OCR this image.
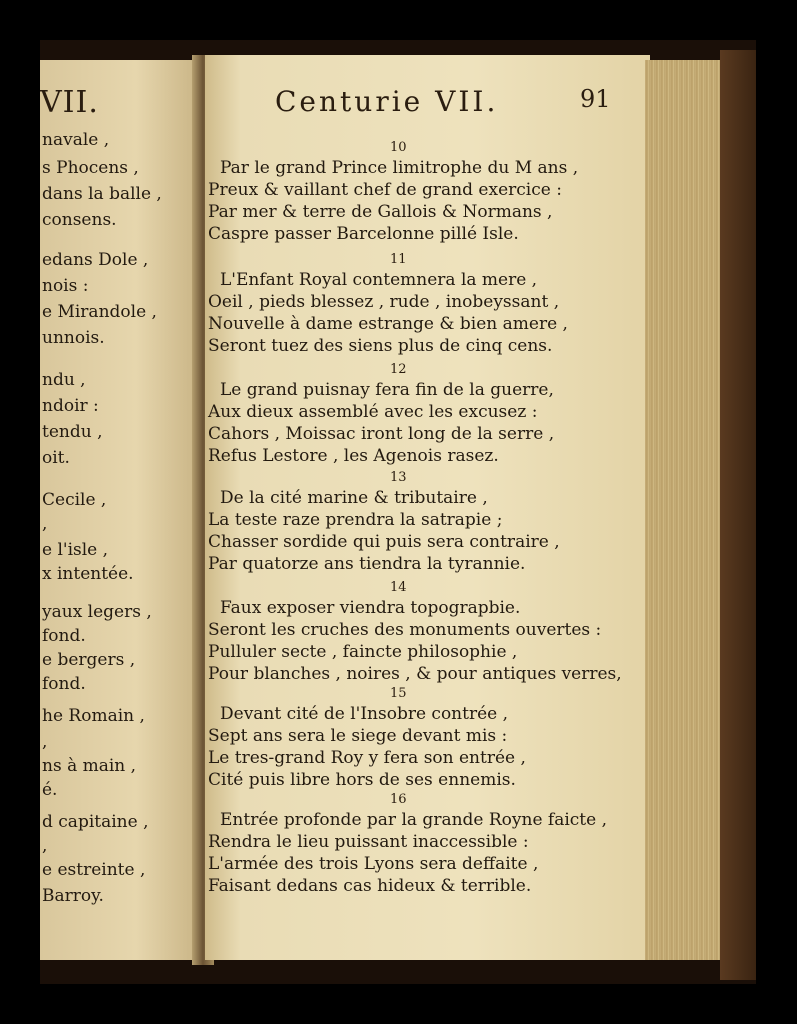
VII.
navale ,
s Phocens ,
dans la balle ,
consens.
edans Dole ,
nois :
e Mirandole ,
unnois.
ndu ,
ndoir :
tendu ,
oit.
Cecile ,
,
e l'isle ,
x intentée.
yaux legers ,
fond.
e bergers ,
fond.
he Romain ,
,
ns à main ,
é.
d capitaine ,
,
e estreinte ,
Barroy.
Centurie VII.	91
10
Par le grand Prince limitrophe du M ans ,
Preux & vaillant chef de grand exercice :
Par mer & terre de Gallois & Normans ,
Caspre passer Barcelonne pillé Isle.
11
L'Enfant Royal contemnera la mere ,
Oeil , pieds blessez , rude , inobeyssant ,
Nouvelle à dame estrange & bien amere ,
Seront tuez des siens plus de cinq cens.
12
Le grand puisnay fera fin de la guerre,
Aux dieux assemblé avec les excusez :
Cahors , Moissac iront long de la serre ,
Refus Lestore , les Agenois rasez.
13
De la cité marine & tributaire ,
La teste raze prendra la satrapie ;
Chasser sordide qui puis sera contraire ,
Par quatorze ans tiendra la tyrannie.
14
Faux exposer viendra topograpbie.
Seront les cruches des monuments ouvertes :
Pulluler secte , faincte philosophie ,
Pour blanches , noires , & pour antiques verres,
15
Devant cité de l'Insobre contrée ,
Sept ans sera le siege devant mis :
Le tres-grand Roy y fera son entrée ,
Cité puis libre hors de ses ennemis.
16
Entrée profonde par la grande Royne faicte ,
Rendra le lieu puissant inaccessible :
L'armée des trois Lyons sera deffaite ,
Faisant dedans cas hideux & terrible.
